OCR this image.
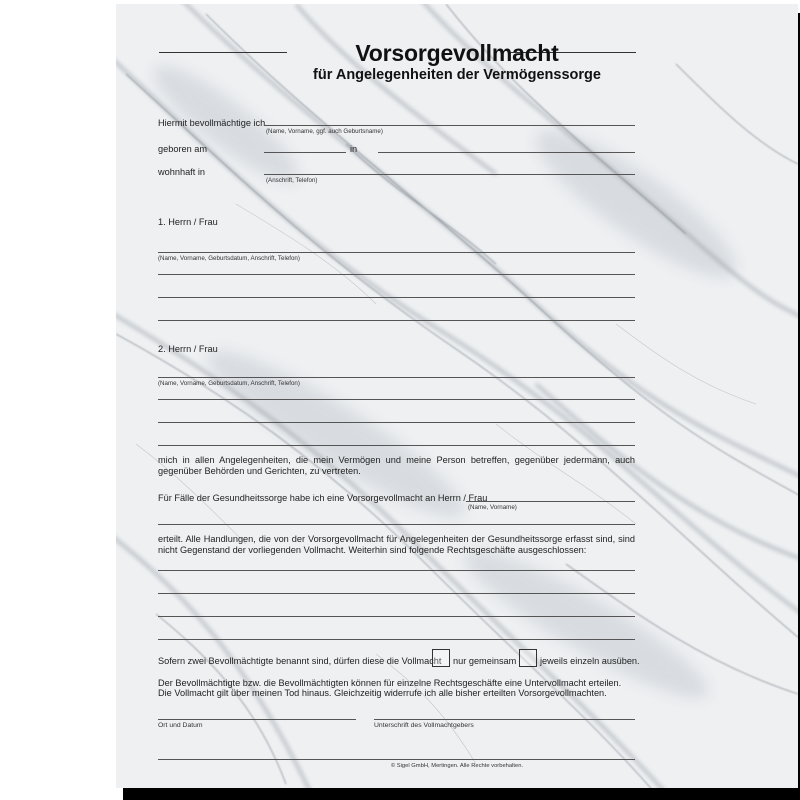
Vorsorgevollmacht
für Angelegenheiten der Vermögenssorge
Hiermit bevollmächtige ich
(Name, Vorname, ggf. auch Geburtsname)
geboren am	in
wohnhaft in
(Anschrift, Telefon)
1. Herrn / Frau
(Name, Vorname, Geburtsdatum, Anschrift, Telefon)
2. Herrn / Frau
(Name, Vorname, Geburtsdatum, Anschrift, Telefon)
mich in allen Angelegenheiten, die mein Vermögen und meine Person betreffen, gegenüber jedermann, auch gegenüber Behörden und Gerichten, zu vertreten.
Für Fälle der Gesundheitssorge habe ich eine Vorsorgevollmacht an Herrn / Frau
(Name, Vorname)
erteilt. Alle Handlungen, die von der Vorsorgevollmacht für Angelegenheiten der Gesundheitssorge erfasst sind, sind nicht Gegenstand der vorliegenden Vollmacht. Weiterhin sind folgende Rechtsgeschäfte ausgeschlossen:
Sofern zwei Bevollmächtigte benannt sind, dürfen diese die Vollmacht nur gemeinsam	jeweils einzeln ausüben.
Der Bevollmächtigte bzw. die Bevollmächtigten können für einzelne Rechtsgeschäfte eine Untervollmacht erteilen.
Die Vollmacht gilt über meinen Tod hinaus. Gleichzeitig widerrufe ich alle bisher erteilten Vorsorgevollmachten.
Ort und Datum	Unterschrift des Vollmachtgebers
© Sigel GmbH, Mertingen. Alle Rechte vorbehalten.
